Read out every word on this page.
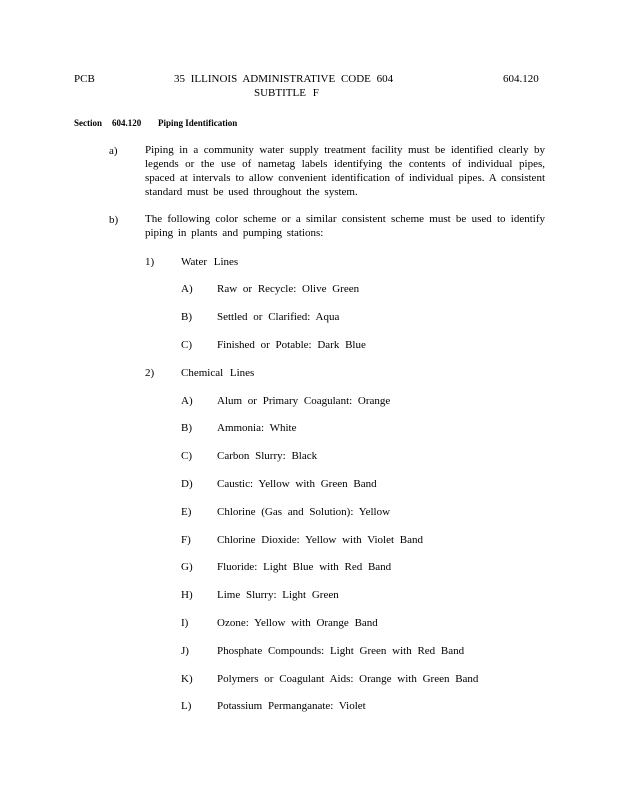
PCB	35 ILLINOIS ADMINISTRATIVE CODE 604
SUBTITLE F
604.120
Section 604.120 Piping Identification
a) Piping in a community water supply treatment facility must be identified clearly by legends or the use of nametag labels identifying the contents of individual pipes, spaced at intervals to allow convenient identification of individual pipes. A consistent standard must be used throughout the system.
b) The following color scheme or a similar consistent scheme must be used to identify piping in plants and pumping stations:
1) Water Lines
A) Raw or Recycle: Olive Green
B) Settled or Clarified: Aqua
C) Finished or Potable: Dark Blue
2) Chemical Lines
A) Alum or Primary Coagulant: Orange
B) Ammonia: White
C) Carbon Slurry: Black
D) Caustic: Yellow with Green Band
E) Chlorine (Gas and Solution): Yellow
F) Chlorine Dioxide: Yellow with Violet Band
G) Fluoride: Light Blue with Red Band
H) Lime Slurry: Light Green
I)	Ozone: Yellow with Orange Band
J)	Phosphate Compounds: Light Green with Red Band
K) Polymers or Coagulant Aids: Orange with Green Band
L) Potassium Permanganate: Violet
